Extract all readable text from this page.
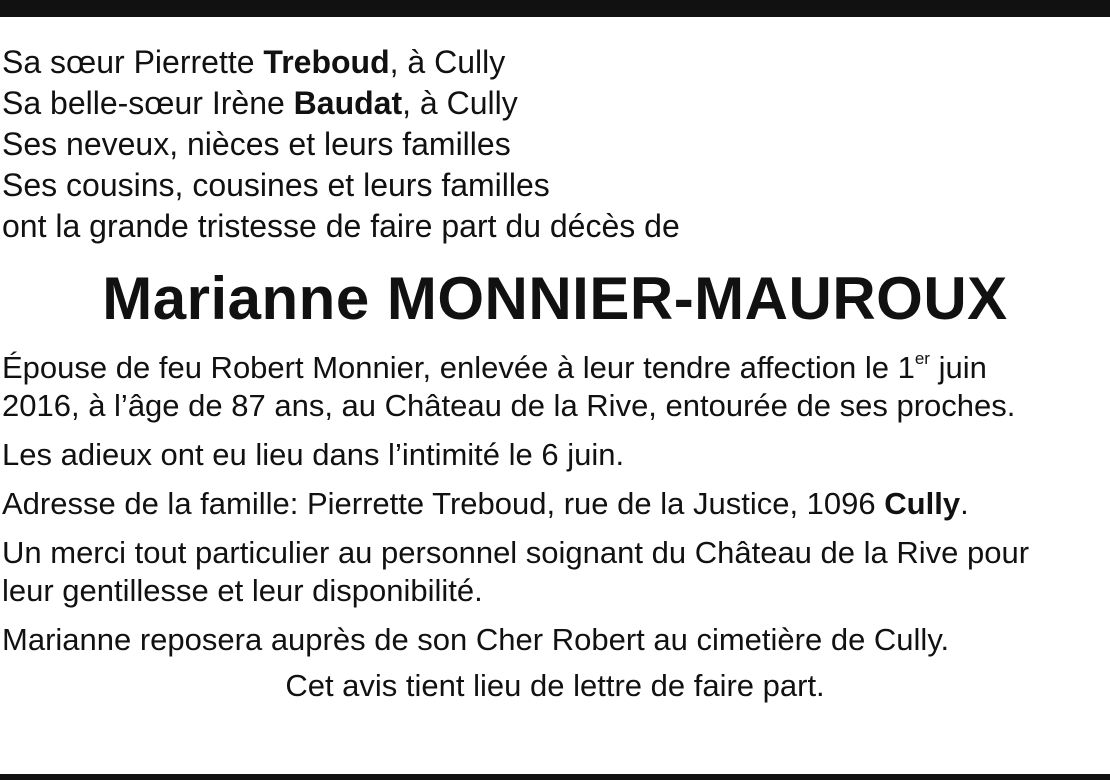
Sa sœur Pierrette Treboud, à Cully

Sa belle-sœur Irène Baudat, à Cully

Ses neveux, nièces et leurs familles

Ses cousins, cousines et leurs familles

ont la grande tristesse de faire part du décès de

Marianne MONNIER-MAUROUX

Épouse de feu Robert Monnier, enlevée à leur tendre affection le 1er juin
2016, à l’âge de 87 ans, au Château de la Rive, entourée de ses proches.

Les adieux ont eu lieu dans l’intimité le 6 juin.

Adresse de la famille: Pierrette Treboud, rue de la Justice, 1096 Cully.

Un merci tout particulier au personnel soignant du Château de la Rive pour
leur gentillesse et leur disponibilité.

Marianne reposera auprès de son Cher Robert au cimetière de Cully.

Cet avis tient lieu de lettre de faire part.
